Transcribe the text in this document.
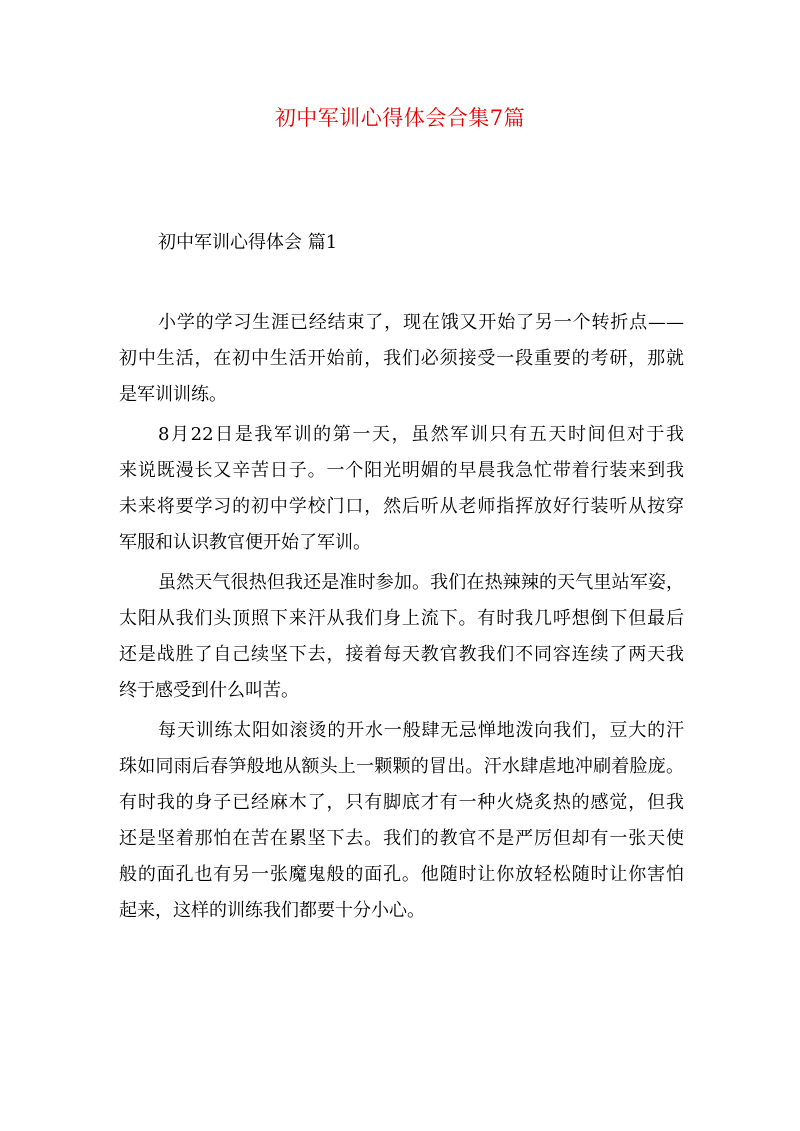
初中军训心得体会合集7篇
初中军训心得体会 篇1
小学的学习生涯已经结束了，现在饿又开始了另一个转折点——
初中生活，在初中生活开始前，我们必须接受一段重要的考研，那就
是军训训练。
8月22日是我军训的第一天，虽然军训只有五天时间但对于我
来说既漫长又辛苦日子。一个阳光明媚的早晨我急忙带着行装来到我
未来将要学习的初中学校门口，然后听从老师指挥放好行装听从按穿
军服和认识教官便开始了军训。
虽然天气很热但我还是准时参加。我们在热辣辣的天气里站军姿，
太阳从我们头顶照下来汗从我们身上流下。有时我几呼想倒下但最后
还是战胜了自己续坚下去，接着每天教官教我们不同容连续了两天我
终于感受到什么叫苦。
每天训练太阳如滚烫的开水一般肆无忌惮地泼向我们，豆大的汗
珠如同雨后春笋般地从额头上一颗颗的冒出。汗水肆虐地冲刷着脸庞。
有时我的身子已经麻木了，只有脚底才有一种火烧炙热的感觉，但我
还是坚着那怕在苦在累坚下去。我们的教官不是严厉但却有一张天使
般的面孔也有另一张魔鬼般的面孔。他随时让你放轻松随时让你害怕
起来，这样的训练我们都要十分小心。
